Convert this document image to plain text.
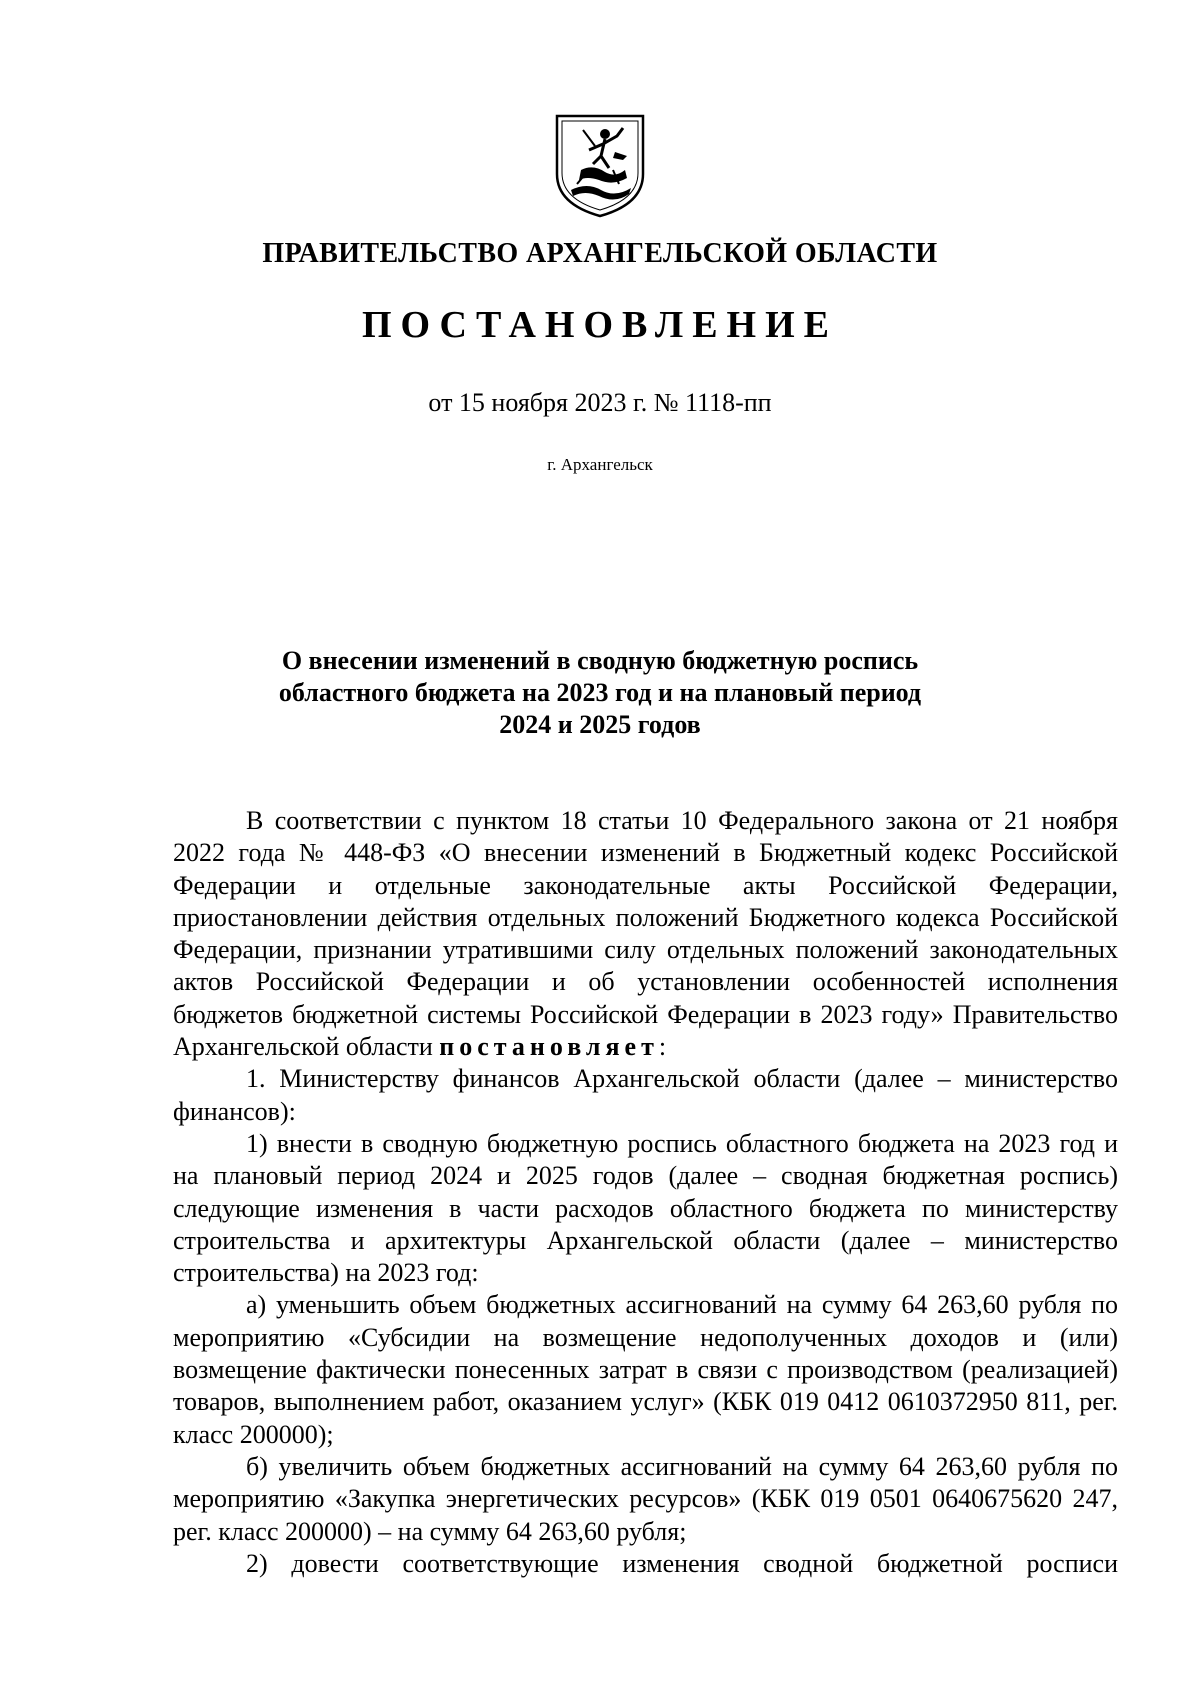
ПРАВИТЕЛЬСТВО АРХАНГЕЛЬСКОЙ ОБЛАСТИ
ПОСТАНОВЛЕНИЕ
от 15 ноября 2023 г. № 1118-пп
г. Архангельск
О внесении изменений в сводную бюджетную роспись
областного бюджета на 2023 год и на плановый период
2024 и 2025 годов

В соответствии с пунктом 18 статьи 10 Федерального закона от 21 ноября 2022 года № 448-ФЗ «О внесении изменений в Бюджетный кодекс Российской Федерации и отдельные законодательные акты Российской Федерации, приостановлении действия отдельных положений Бюджетного кодекса Российской Федерации, признании утратившими силу отдельных положений законодательных актов Российской Федерации и об установлении особенностей исполнения бюджетов бюджетной системы Российской Федерации в 2023 году» Правительство Архангельской области постановляет:

1. Министерству финансов Архангельской области (далее – министерство финансов):

1) внести в сводную бюджетную роспись областного бюджета на 2023 год и на плановый период 2024 и 2025 годов (далее – сводная бюджетная роспись) следующие изменения в части расходов областного бюджета по министерству строительства и архитектуры Архангельской области (далее – министерство строительства) на 2023 год:

а) уменьшить объем бюджетных ассигнований на сумму 64 263,60 рубля по мероприятию «Субсидии на возмещение недополученных доходов и (или) возмещение фактически понесенных затрат в связи с производством (реализацией) товаров, выполнением работ, оказанием услуг» (КБК 019 0412 0610372950 811, рег. класс 200000);

б) увеличить объем бюджетных ассигнований на сумму 64 263,60 рубля по мероприятию «Закупка энергетических ресурсов» (КБК 019 0501 0640675620 247, рег. класс 200000) – на сумму 64 263,60 рубля;

2) довести соответствующие изменения сводной бюджетной росписи
